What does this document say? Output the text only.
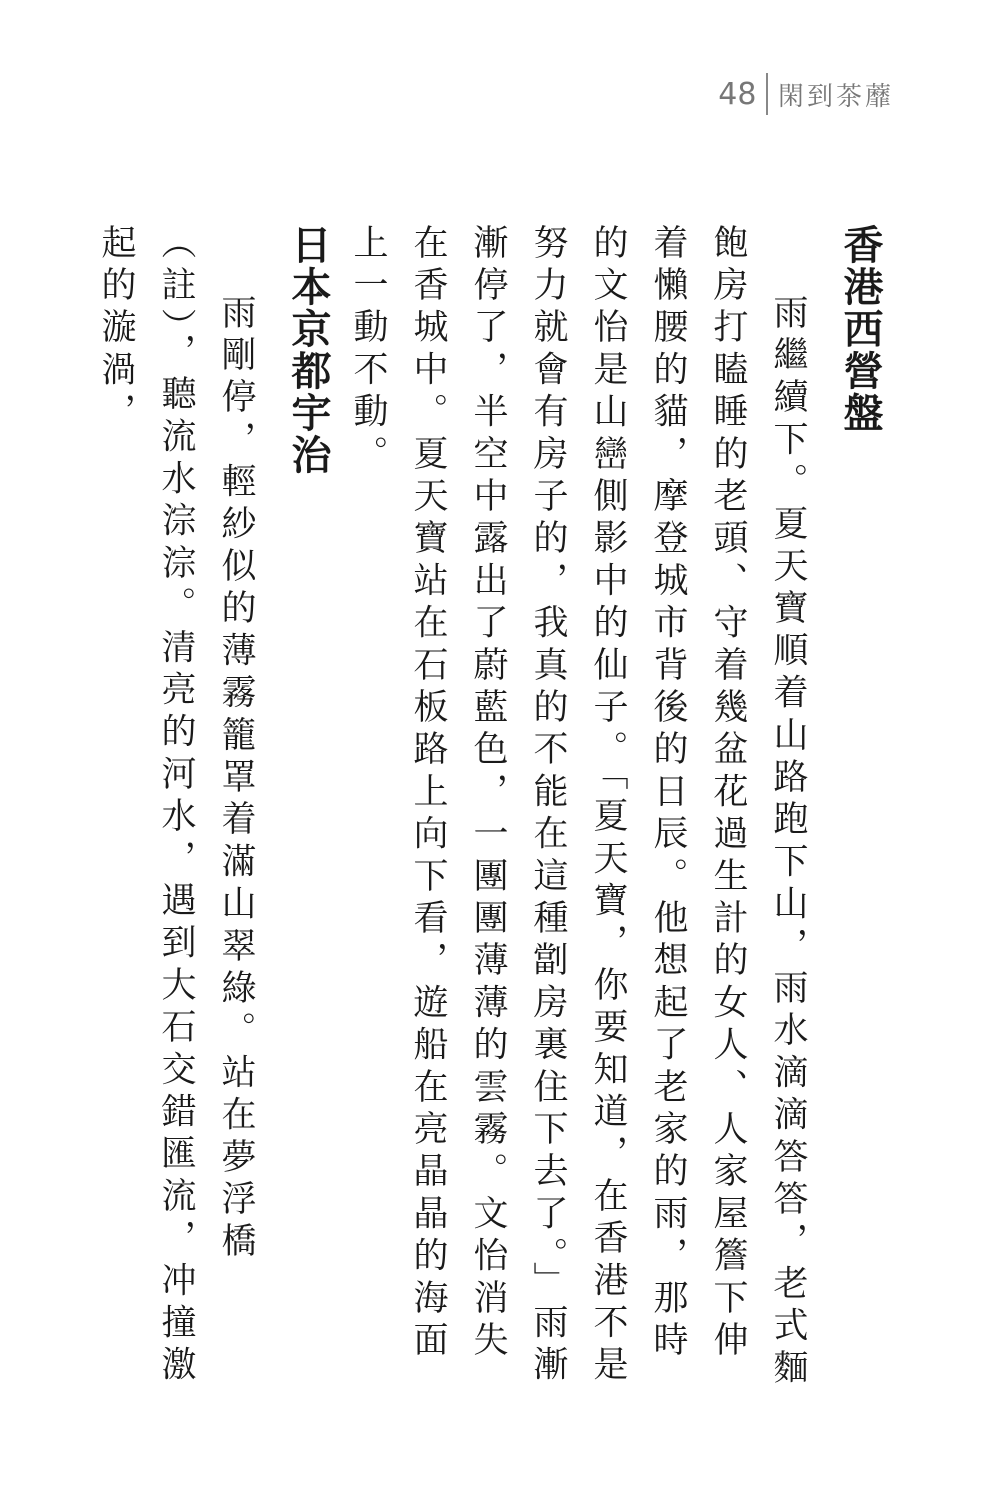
48 閑到茶蘼
香港西營盤

雨繼續下。夏天寶順着山路跑下山，雨水滴滴答答，老式麵飽房打瞌睡的老頭、守着幾盆花過生計的女人、人家屋簷下伸着懶腰的貓，摩登城市背後的日辰。他想起了老家的雨，那時的文怡是山巒側影中的仙子。「夏天寶，你要知道，在香港不是努力就會有房子的，我真的不能在這種劏房裏住下去了。」雨漸漸停了，半空中露出了蔚藍色，一團團薄薄的雲霧。文怡消失在香城中。夏天寶站在石板路上向下看，遊船在亮晶晶的海面上一動不動。

日本京都宇治

雨剛停，輕紗似的薄霧籠罩着滿山翠綠。站在夢浮橋（註），聽流水淙淙。清亮的河水，遇到大石交錯匯流，冲撞激起的漩渦，
